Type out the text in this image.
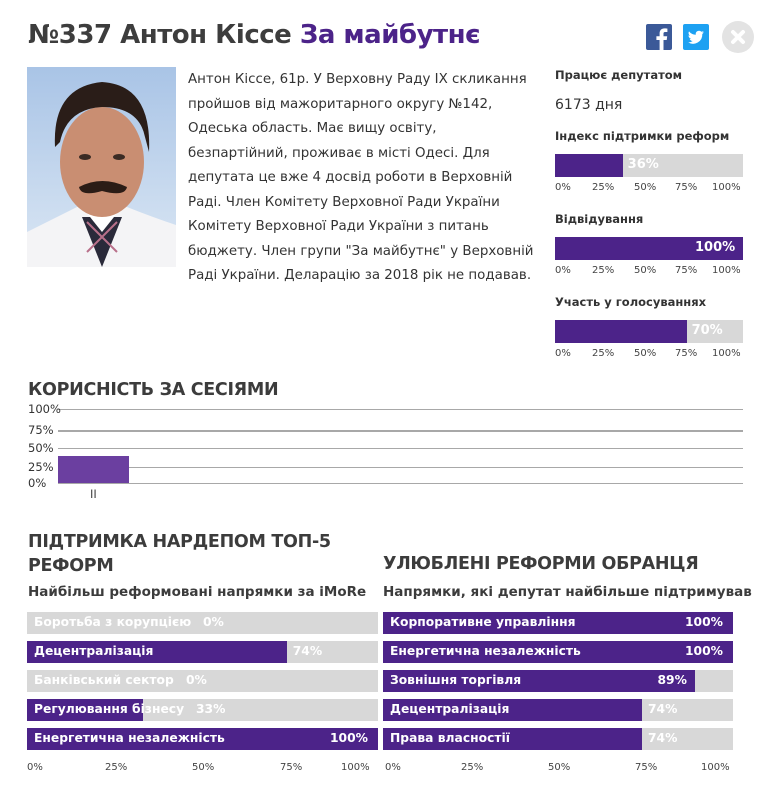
№337 Антон Кіссе За майбутнє
Антон Кіссе, 61р. У Верховну Раду IX скликання пройшов від мажоритарного округу №142, Одеська область. Має вищу освіту, безпартійний, проживає в місті Одесі. Для депутата це вже 4 досвід роботи в Верховній Раді. Член Комітету Верховної Ради України Комітету Верховної Ради України з питань бюджету. Член групи "За майбутнє" у Верховній Раді України. Деларацію за 2018 рік не подавав.
Працює депутатом
6173 дня
Індекс підтримки реформ
36%
0% 25% 50% 75% 100%
Відвідування
100%
0% 25% 50% 75% 100%
Участь у голосуваннях
70%
0% 25% 50% 75% 100%
КОРИСНІСТЬ ЗА СЕСІЯМИ
100%
75%
50%
25%
0%
II
ПІДТРИМКА НАРДЕПОМ ТОП-5 РЕФОРМ
Найбільш реформовані напрямки за iMoRe
Боротьба з корупцією 0%
Децентралізація	74%
Банківський сектор 0%
Регулювання бізнесу 33%
Енергетична незалежність	100%
0%	25%	50%	75%	100%
УЛЮБЛЕНІ РЕФОРМИ ОБРАНЦЯ
Напрямки, які депутат найбільше підтримував
Корпоративне управління	100%
Енергетична незалежність	100%
Зовнішня торгівля	89%
Децентралізація	74%
Права власностії	74%
0%	25%	50%	75%	100%
